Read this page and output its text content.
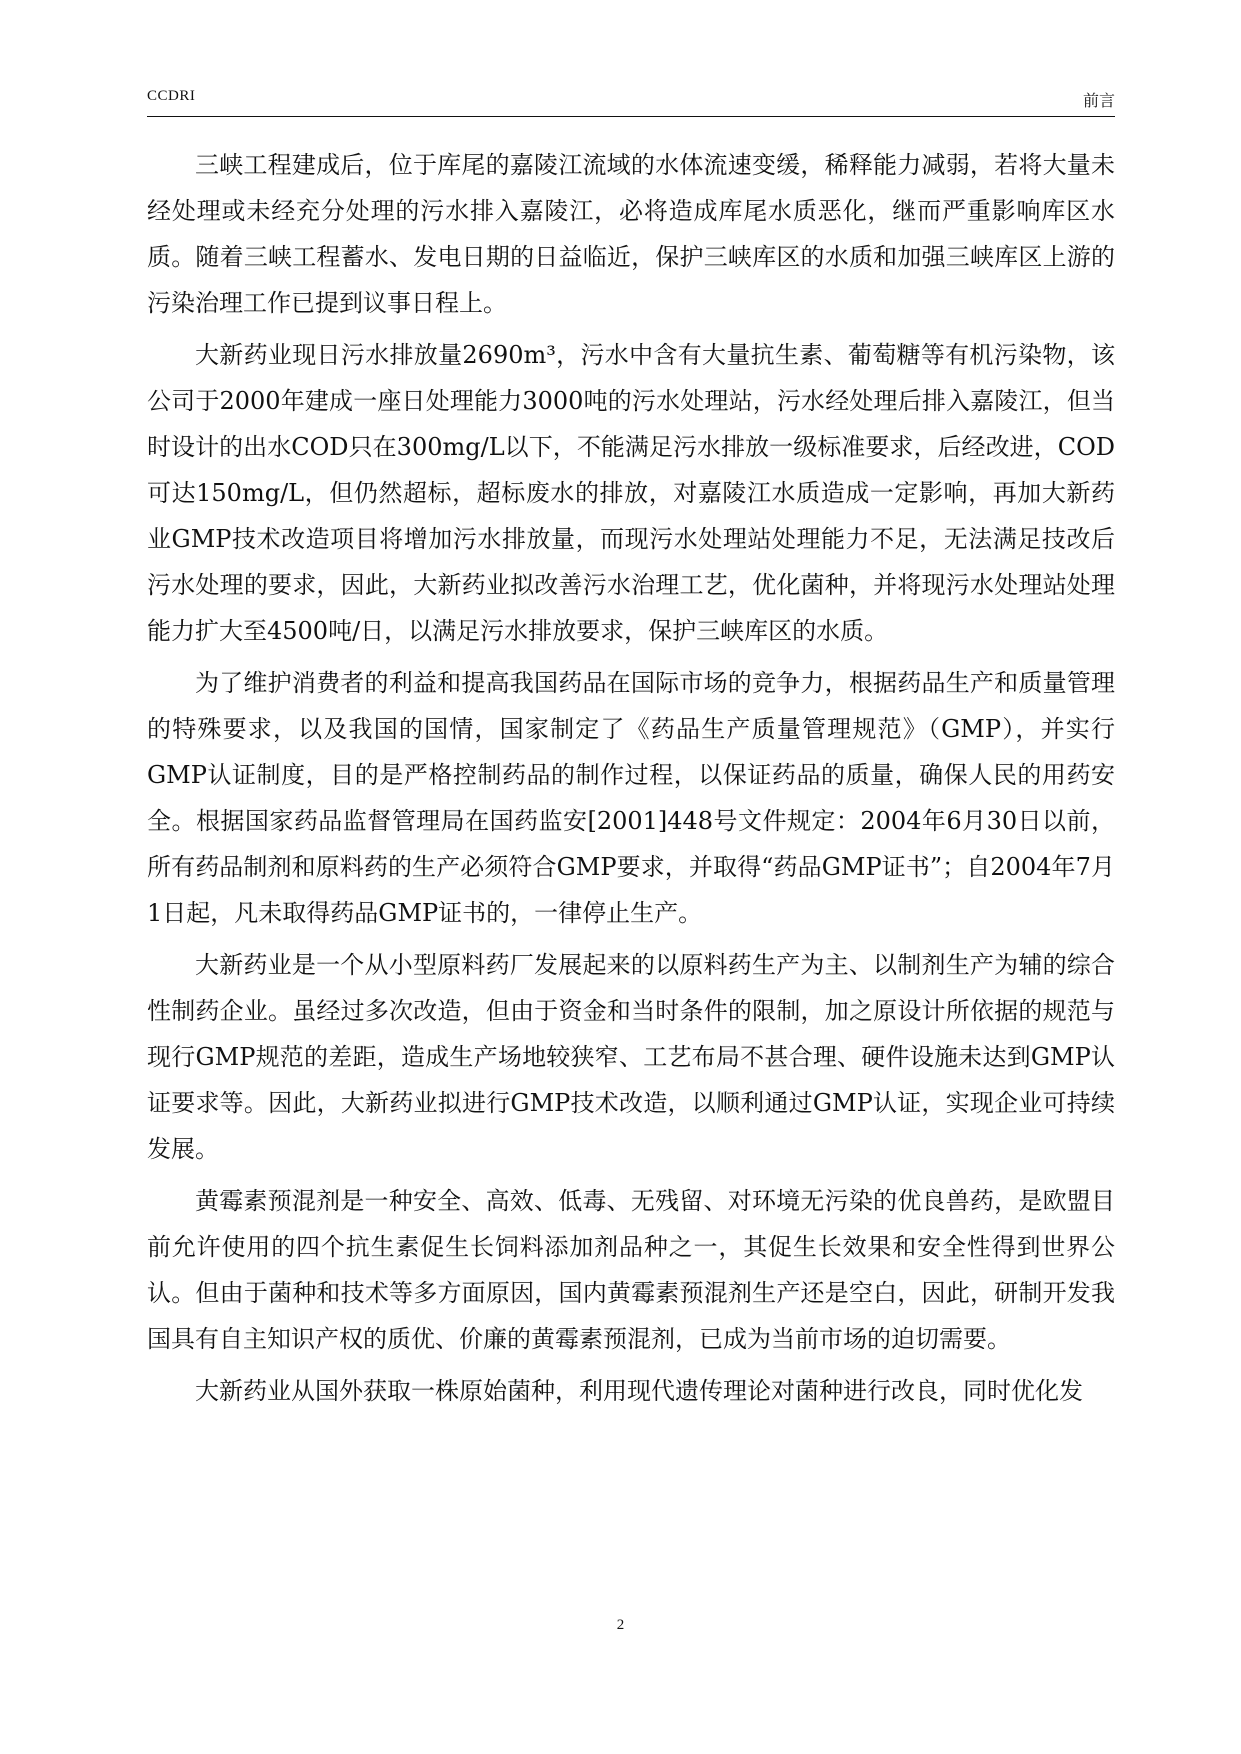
CCDRI	前言

三峡工程建成后，位于库尾的嘉陵江流域的水体流速变缓，稀释能力减弱，若将大量未经处理或未经充分处理的污水排入嘉陵江，必将造成库尾水质恶化，继而严重影响库区水质。随着三峡工程蓄水、发电日期的日益临近，保护三峡库区的水质和加强三峡库区上游的污染治理工作已提到议事日程上。

大新药业现日污水排放量2690m³，污水中含有大量抗生素、葡萄糖等有机污染物，该公司于2000年建成一座日处理能力3000吨的污水处理站，污水经处理后排入嘉陵江，但当时设计的出水COD只在300mg/L以下，不能满足污水排放一级标准要求，后经改进，COD可达150mg/L，但仍然超标，超标废水的排放，对嘉陵江水质造成一定影响，再加大新药业GMP技术改造项目将增加污水排放量，而现污水处理站处理能力不足，无法满足技改后污水处理的要求，因此，大新药业拟改善污水治理工艺，优化菌种，并将现污水处理站处理能力扩大至4500吨/日，以满足污水排放要求，保护三峡库区的水质。

为了维护消费者的利益和提高我国药品在国际市场的竞争力，根据药品生产和质量管理的特殊要求，以及我国的国情，国家制定了《药品生产质量管理规范》（GMP），并实行GMP认证制度，目的是严格控制药品的制作过程，以保证药品的质量，确保人民的用药安全。根据国家药品监督管理局在国药监安[2001]448号文件规定：2004年6月30日以前，所有药品制剂和原料药的生产必须符合GMP要求，并取得“药品GMP证书”；自2004年7月1日起，凡未取得药品GMP证书的，一律停止生产。

大新药业是一个从小型原料药厂发展起来的以原料药生产为主、以制剂生产为辅的综合性制药企业。虽经过多次改造，但由于资金和当时条件的限制，加之原设计所依据的规范与现行GMP规范的差距，造成生产场地较狭窄、工艺布局不甚合理、硬件设施未达到GMP认证要求等。因此，大新药业拟进行GMP技术改造，以顺利通过GMP认证，实现企业可持续发展。

黄霉素预混剂是一种安全、高效、低毒、无残留、对环境无污染的优良兽药，是欧盟目前允许使用的四个抗生素促生长饲料添加剂品种之一，其促生长效果和安全性得到世界公认。但由于菌种和技术等多方面原因，国内黄霉素预混剂生产还是空白，因此，研制开发我国具有自主知识产权的质优、价廉的黄霉素预混剂，已成为当前市场的迫切需要。

大新药业从国外获取一株原始菌种，利用现代遗传理论对菌种进行改良，同时优化发

2
